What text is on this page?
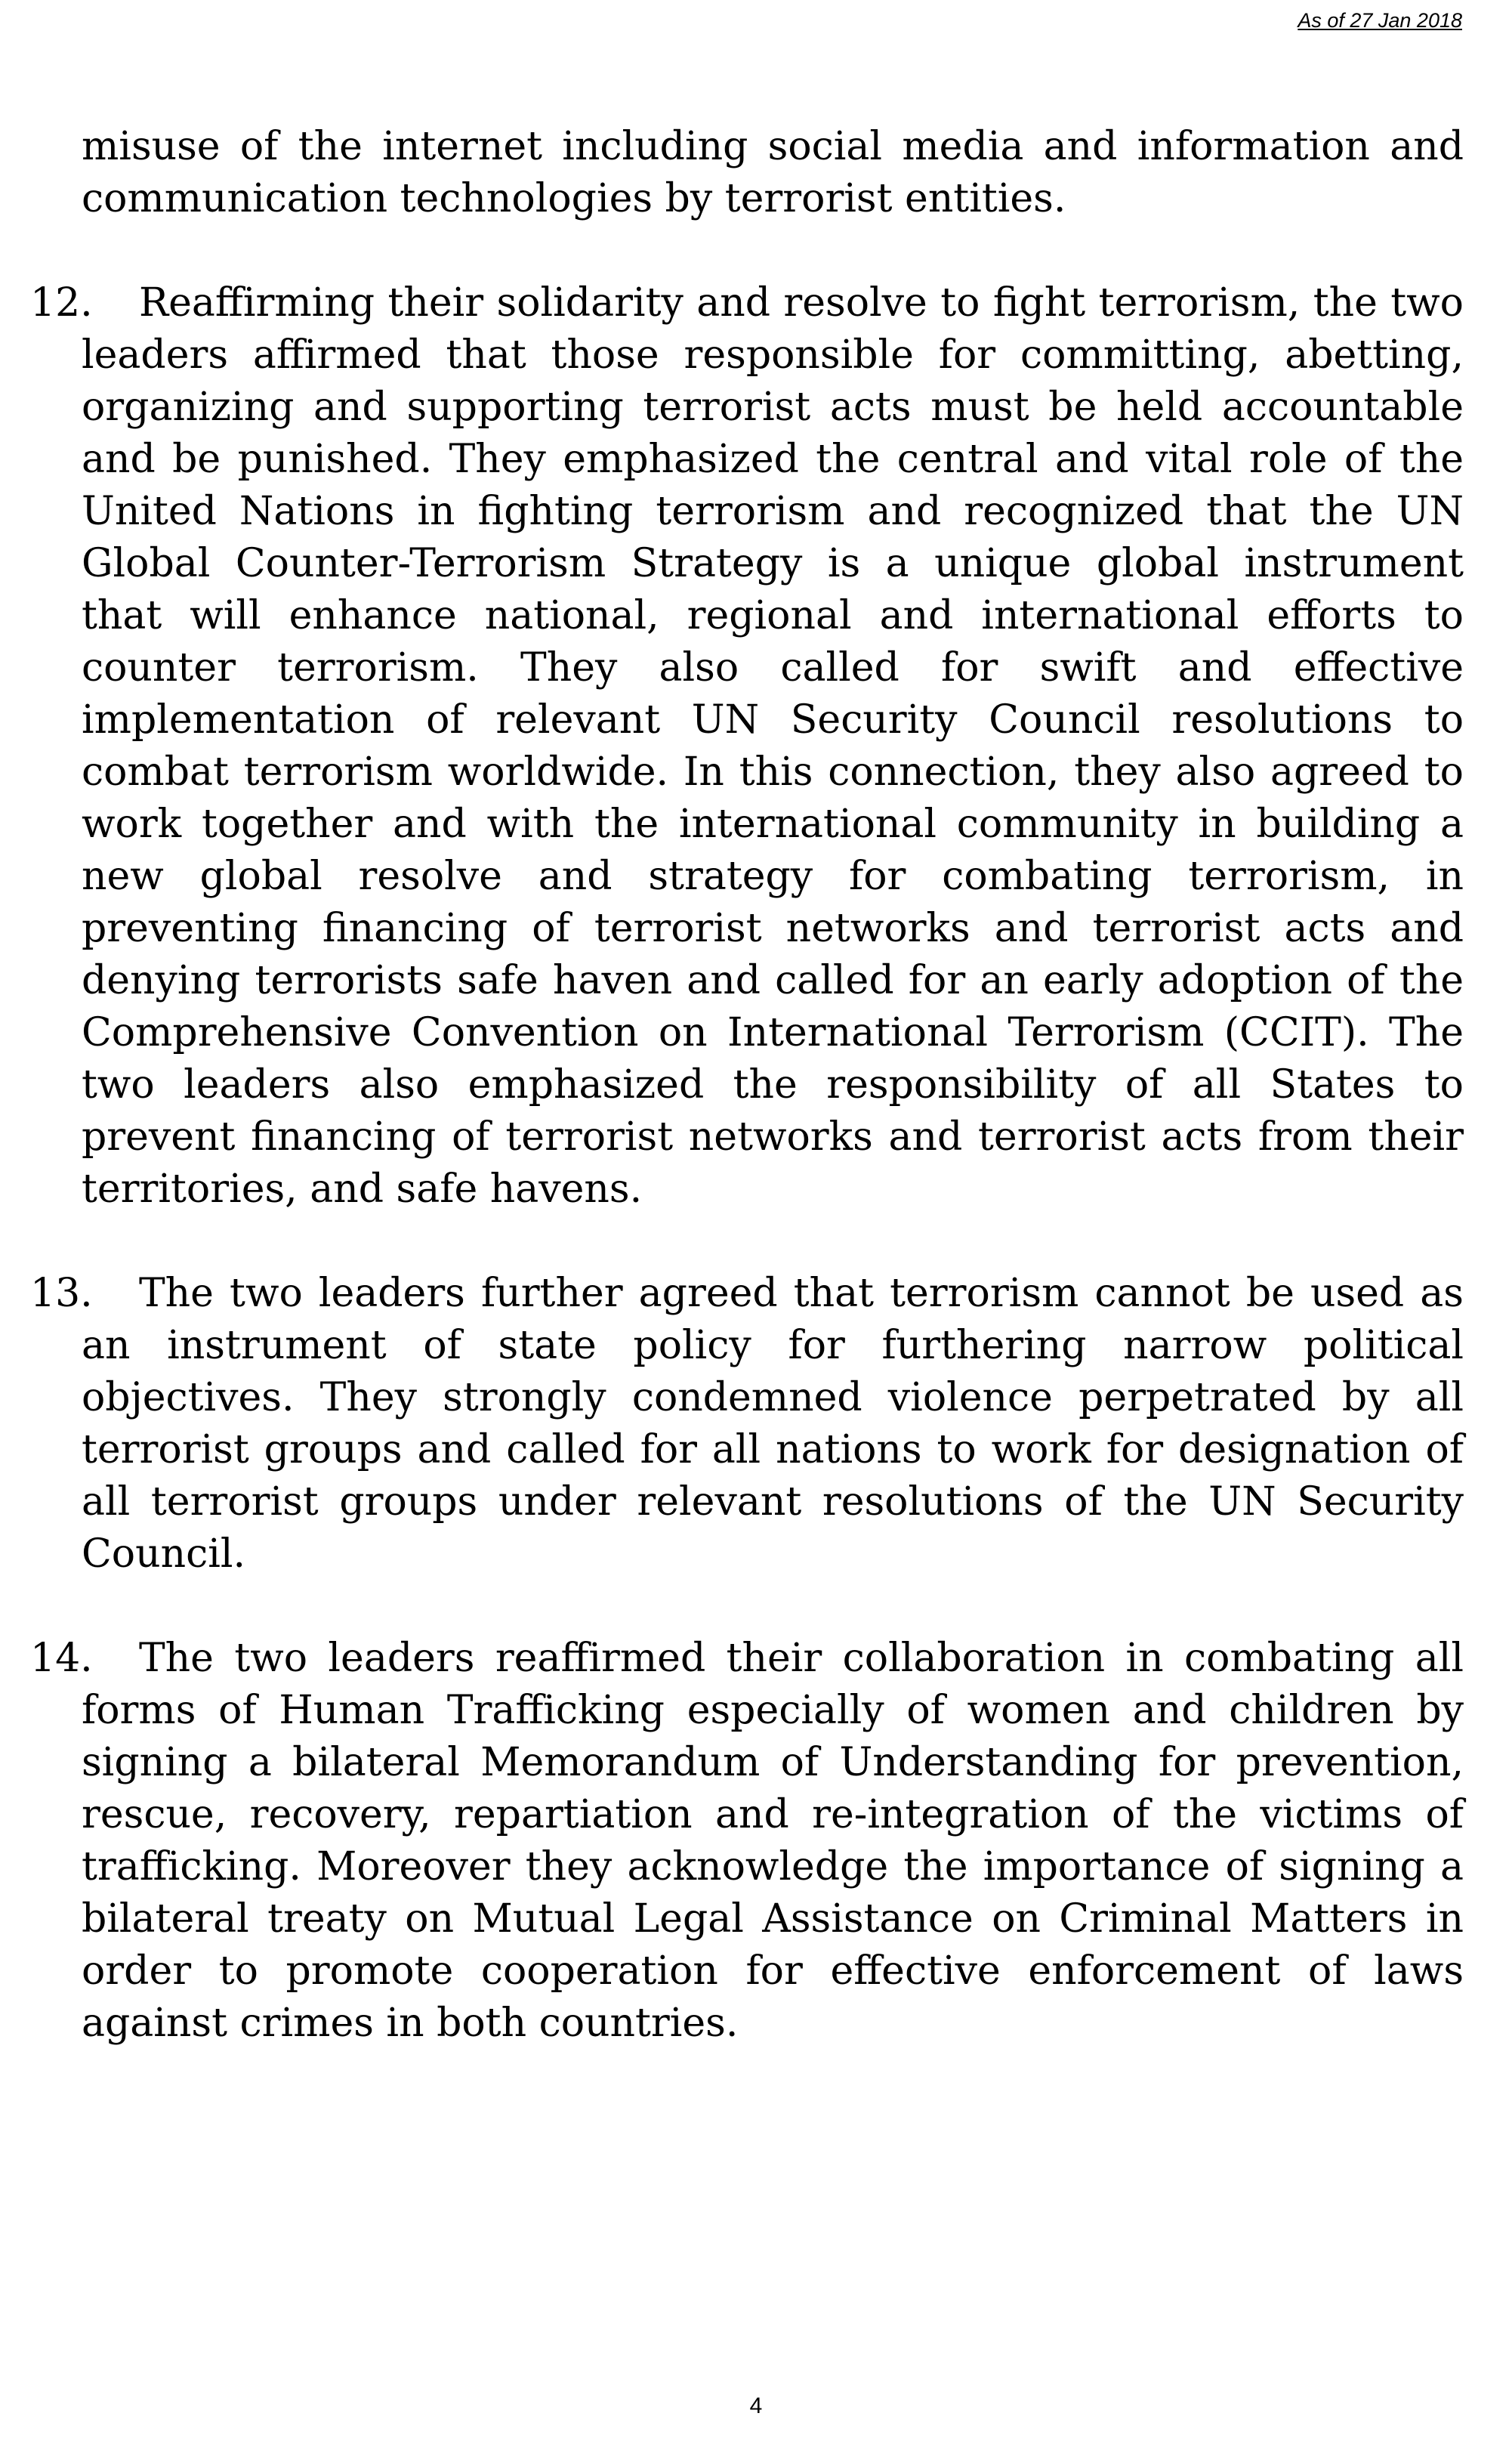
As of 27 Jan 2018

misuse of the internet including social media and information and communication technologies by terrorist entities.

12. Reaffirming their solidarity and resolve to fight terrorism, the two leaders affirmed that those responsible for committing, abetting, organizing and supporting terrorist acts must be held accountable and be punished. They emphasized the central and vital role of the United Nations in fighting terrorism and recognized that the UN Global Counter-Terrorism Strategy is a unique global instrument that will enhance national, regional and international efforts to counter terrorism. They also called for swift and effective implementation of relevant UN Security Council resolutions to combat terrorism worldwide. In this connection, they also agreed to work together and with the international community in building a new global resolve and strategy for combating terrorism, in preventing financing of terrorist networks and terrorist acts and denying terrorists safe haven and called for an early adoption of the Comprehensive Convention on International Terrorism (CCIT). The two leaders also emphasized the responsibility of all States to prevent financing of terrorist networks and terrorist acts from their territories, and safe havens.

13. The two leaders further agreed that terrorism cannot be used as an instrument of state policy for furthering narrow political objectives. They strongly condemned violence perpetrated by all terrorist groups and called for all nations to work for designation of all terrorist groups under relevant resolutions of the UN Security Council.

14. The two leaders reaffirmed their collaboration in combating all forms of Human Trafficking especially of women and children by signing a bilateral Memorandum of Understanding for prevention, rescue, recovery, repartiation and re-integration of the victims of trafficking. Moreover they acknowledge the importance of signing a bilateral treaty on Mutual Legal Assistance on Criminal Matters in order to promote cooperation for effective enforcement of laws against crimes in both countries.

4
